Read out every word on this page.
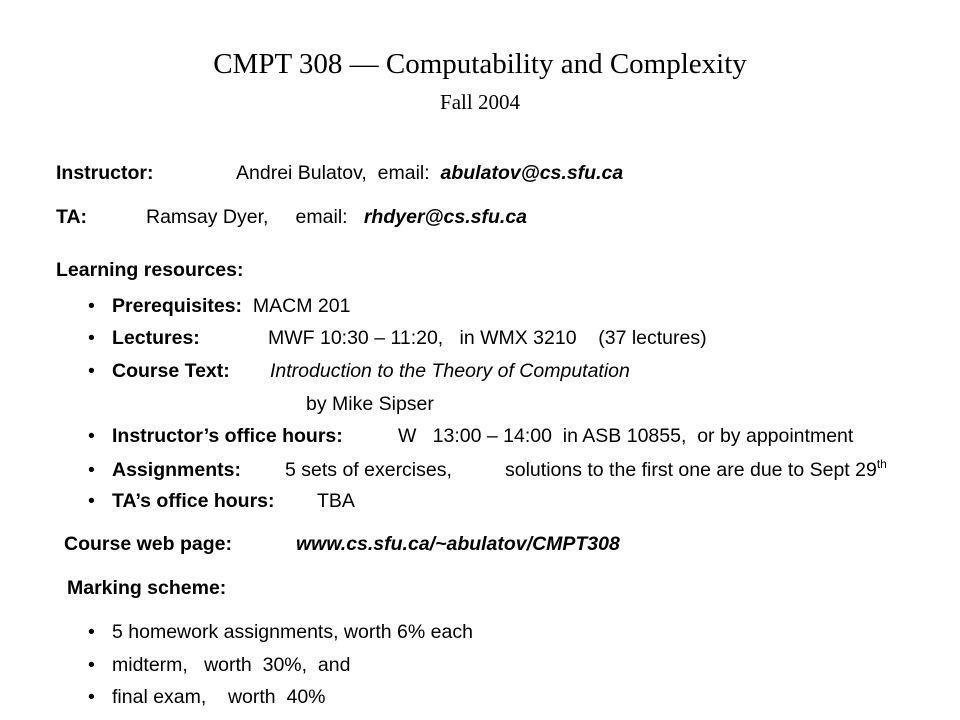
CMPT 308 — Computability and Complexity
Fall 2004
Instructor:	Andrei Bulatov, email: abulatov@cs.sfu.ca
TA:	Ramsay Dyer, email: rhdyer@cs.sfu.ca
Learning resources:
• Prerequisites: MACM 201
• Lectures:	MWF 10:30 – 11:20, in WMX 3210 (37 lectures)
• Course Text: Introduction to the Theory of Computation
by Mike Sipser
• Instructor’s office hours:	W   13:00 – 14:00  in ASB 10855,  or by appointment
• Assignments: 5 sets of exercises,	solutions to the first one are due to Sept 29th
• TA’s office hours: TBA
Course web page:	www.cs.sfu.ca/~abulatov/CMPT308
Marking scheme:
• 5 homework assignments, worth 6% each
• midterm,   worth  30%,  and
• final exam,    worth  40%
